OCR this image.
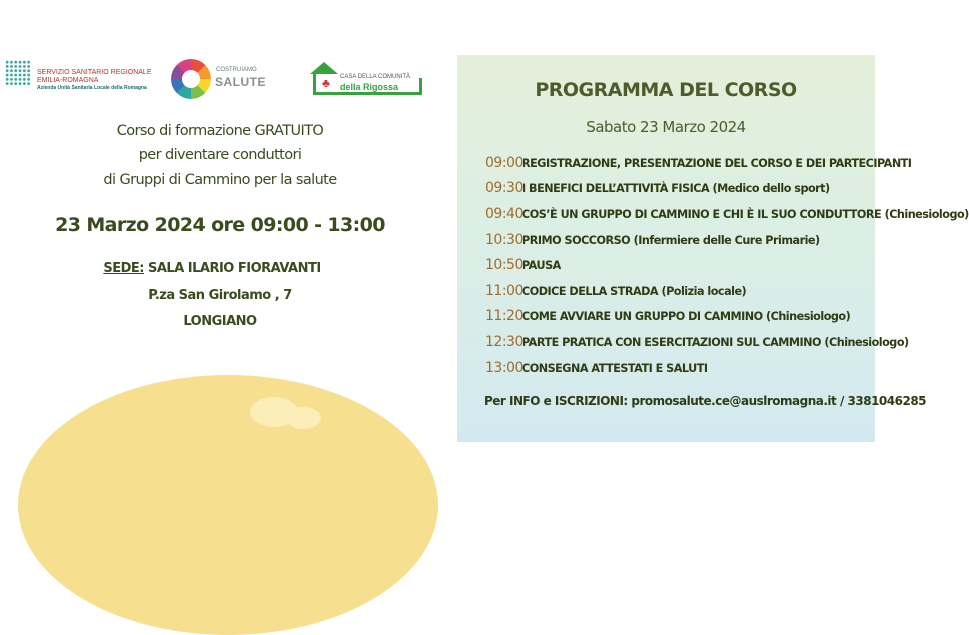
SERVIZIO SANITARIO REGIONALE
EMILIA-ROMAGNA
Azienda Unità Sanitaria Locale della Romagna
COSTRUIAMO
SALUTE	♣ CASA DELLA COMUNITÀ
della Rigossa
Corso di formazione GRATUITO
per diventare conduttori
di Gruppi di Cammino per la salute
23 Marzo 2024 ore 09:00 - 13:00
SEDE: SALA ILARIO FIORAVANTI
P.za San Girolamo , 7
LONGIANO
PROGRAMMA DEL CORSO
Sabato 23 Marzo 2024
09:00REGISTRAZIONE, PRESENTAZIONE DEL CORSO E DEI PARTECIPANTI
09:30I BENEFICI DELL’ATTIVITÀ FISICA (Medico dello sport)
09:40COS’È UN GRUPPO DI CAMMINO E CHI È IL SUO CONDUTTORE (Chinesiologo)
10:30PRIMO SOCCORSO (Infermiere delle Cure Primarie)
10:50PAUSA
11:00CODICE DELLA STRADA (Polizia locale)
11:20COME AVVIARE UN GRUPPO DI CAMMINO (Chinesiologo)
12:30PARTE PRATICA CON ESERCITAZIONI SUL CAMMINO (Chinesiologo)
13:00CONSEGNA ATTESTATI E SALUTI
Per INFO e ISCRIZIONI: promosalute.ce@auslromagna.it / 3381046285
